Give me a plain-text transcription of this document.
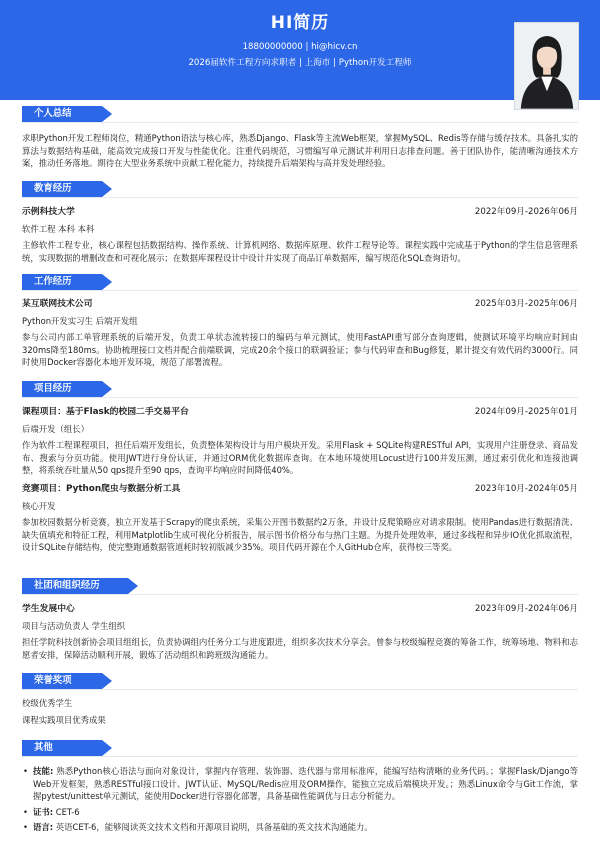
HI简历
18800000000 | hi@hicv.cn
2026届软件工程方向求职者 | 上海市 | Python开发工程师
个人总结
求职Python开发工程师岗位，精通Python语法与核心库，熟悉Django、Flask等主流Web框架，掌握MySQL、Redis等存储与缓存技术。具备扎实的算法与数据结构基础，能高效完成接口开发与性能优化。注重代码规范，习惯编写单元测试并利用日志排查问题。善于团队协作，能清晰沟通技术方案，推动任务落地。期待在大型业务系统中贡献工程化能力，持续提升后端架构与高并发处理经验。
教育经历
示例科技大学	2022年09月-2026年06月
软件工程 本科 本科
主修软件工程专业，核心课程包括数据结构、操作系统、计算机网络、数据库原理、软件工程导论等。课程实践中完成基于Python的学生信息管理系统，实现数据的增删改查和可视化展示；在数据库课程设计中设计并实现了商品订单数据库，编写规范化SQL查询语句。
工作经历
某互联网技术公司	2025年03月-2025年06月
Python开发实习生 后端开发组
参与公司内部工单管理系统的后端开发，负责工单状态流转接口的编码与单元测试，使用FastAPI重写部分查询逻辑，使测试环境平均响应时间由320ms降至180ms。协助梳理接口文档并配合前端联调，完成20余个接口的联调验证；参与代码审查和Bug修复，累计提交有效代码约3000行。同时使用Docker容器化本地开发环境，规范了部署流程。
项目经历
课程项目：基于Flask的校园二手交易平台	2024年09月-2025年01月
后端开发（组长）
作为软件工程课程项目，担任后端开发组长，负责整体架构设计与用户模块开发。采用Flask + SQLite构建RESTful API，实现用户注册登录、商品发布、搜索与分页功能。使用JWT进行身份认证，并通过ORM优化数据库查询。在本地环境使用Locust进行100并发压测，通过索引优化和连接池调整，将系统吞吐量从50 qps提升至90 qps，查询平均响应时间降低40%。
竞赛项目：Python爬虫与数据分析工具	2023年10月-2024年05月
核心开发
参加校园数据分析竞赛，独立开发基于Scrapy的爬虫系统，采集公开图书数据约2万条，并设计反爬策略应对请求限制。使用Pandas进行数据清洗、缺失值填充和特征工程，利用Matplotlib生成可视化分析报告，展示图书价格分布与热门主题。为提升处理效率，通过多线程和异步IO优化抓取流程，设计SQLite存储结构，使完整跑通数据管道耗时较初版减少35%。项目代码开源在个人GitHub仓库，获得校三等奖。
社团和组织经历
学生发展中心	2023年09月-2024年06月
项目与活动负责人 学生组织
担任学院科技创新协会项目组组长，负责协调组内任务分工与进度跟进，组织多次技术分享会。曾参与校级编程竞赛的筹备工作，统筹场地、物料和志愿者安排，保障活动顺利开展，锻炼了活动组织和跨班级沟通能力。
荣誉奖项
校级优秀学生
课程实践项目优秀成果
其他
• 技能: 熟悉Python核心语法与面向对象设计，掌握内存管理、装饰器、迭代器与常用标准库，能编写结构清晰的业务代码。；掌握Flask/Django等Web开发框架，熟悉RESTful接口设计、JWT认证、MySQL/Redis应用及ORM操作，能独立完成后端模块开发。；熟悉Linux命令与Git工作流，掌握pytest/unittest单元测试，能使用Docker进行容器化部署，具备基础性能调优与日志分析能力。
• 证书: CET-6
• 语言: 英语CET-6，能够阅读英文技术文档和开源项目说明，具备基础的英文技术沟通能力。
